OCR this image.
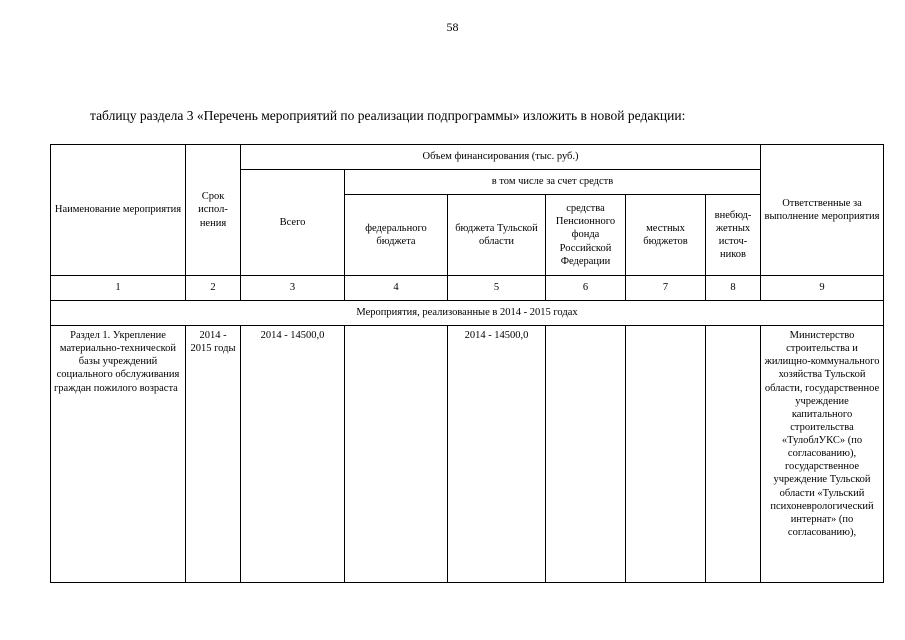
58
таблицу раздела 3 «Перечень мероприятий по реализации подпрограммы» изложить в новой редакции:
Наименование мероприятия	Срок испол-нения	Объем финансирования (тыс. руб.)						Ответственные за выполнение мероприятия
		Всего	в том числе за счет средств					
			федерального бюджета	бюджета Тульской области	средства Пенсионного фонда Российской Федерации	местных бюджетов	внебюд-жетных источ-ников	
1	2	3	4	5	6	7	8	9
Мероприятия, реализованные в 2014 - 2015 годах								
Раздел 1. Укрепление материально-технической базы учреждений социального обслуживания граждан пожилого возраста	2014 - 2015 годы	2014 - 14500,0		2014 - 14500,0				Министерство строительства и жилищно-коммунального хозяйства Тульской области, государственное учреждение капитального строительства «ТулоблУКС» (по согласованию), государственное учреждение Тульской области «Тульский психоневрологический интернат» (по согласованию),
